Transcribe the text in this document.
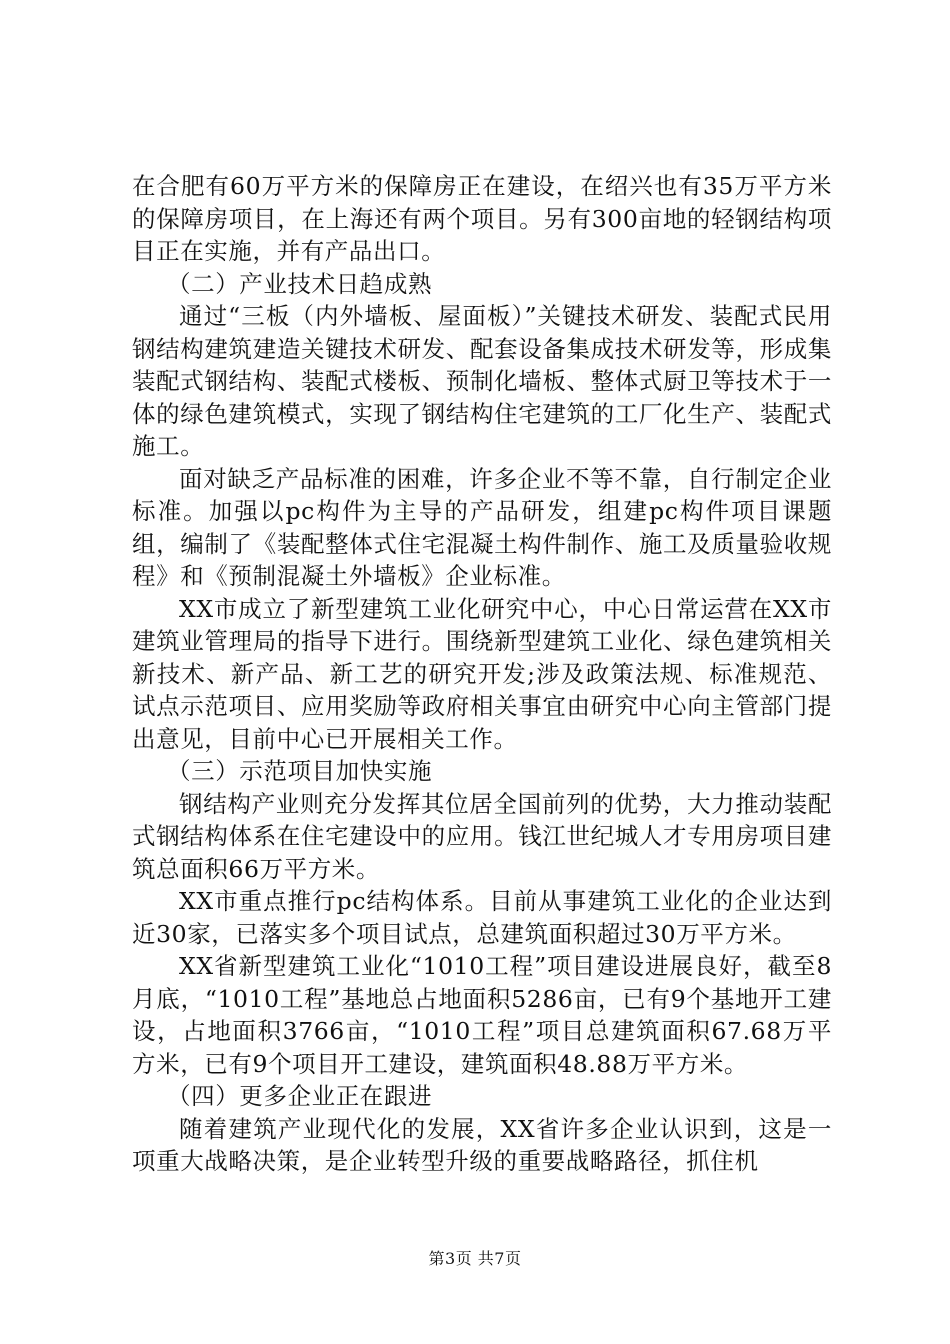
在合肥有60万平方米的保障房正在建设，在绍兴也有35万平方米的保障房项目，在上海还有两个项目。另有300亩地的轻钢结构项目正在实施，并有产品出口。

（二）产业技术日趋成熟

通过“三板（内外墙板、屋面板）”关键技术研发、装配式民用钢结构建筑建造关键技术研发、配套设备集成技术研发等，形成集装配式钢结构、装配式楼板、预制化墙板、整体式厨卫等技术于一体的绿色建筑模式，实现了钢结构住宅建筑的工厂化生产、装配式施工。

面对缺乏产品标准的困难，许多企业不等不靠，自行制定企业标准。加强以pc构件为主导的产品研发，组建pc构件项目课题组，编制了《装配整体式住宅混凝土构件制作、施工及质量验收规程》和《预制混凝土外墙板》企业标准。

XX市成立了新型建筑工业化研究中心，中心日常运营在XX市建筑业管理局的指导下进行。围绕新型建筑工业化、绿色建筑相关新技术、新产品、新工艺的研究开发;涉及政策法规、标准规范、试点示范项目、应用奖励等政府相关事宜由研究中心向主管部门提出意见，目前中心已开展相关工作。

（三）示范项目加快实施

钢结构产业则充分发挥其位居全国前列的优势，大力推动装配式钢结构体系在住宅建设中的应用。钱江世纪城人才专用房项目建筑总面积66万平方米。

XX市重点推行pc结构体系。目前从事建筑工业化的企业达到近30家，已落实多个项目试点，总建筑面积超过30万平方米。

XX省新型建筑工业化“1010工程”项目建设进展良好，截至8月底，“1010工程”基地总占地面积5286亩，已有9个基地开工建设，占地面积3766亩，“1010工程”项目总建筑面积67.68万平方米，已有9个项目开工建设，建筑面积48.88万平方米。

（四）更多企业正在跟进

随着建筑产业现代化的发展，XX省许多企业认识到，这是一项重大战略决策，是企业转型升级的重要战略路径，抓住机

第3页 共7页
